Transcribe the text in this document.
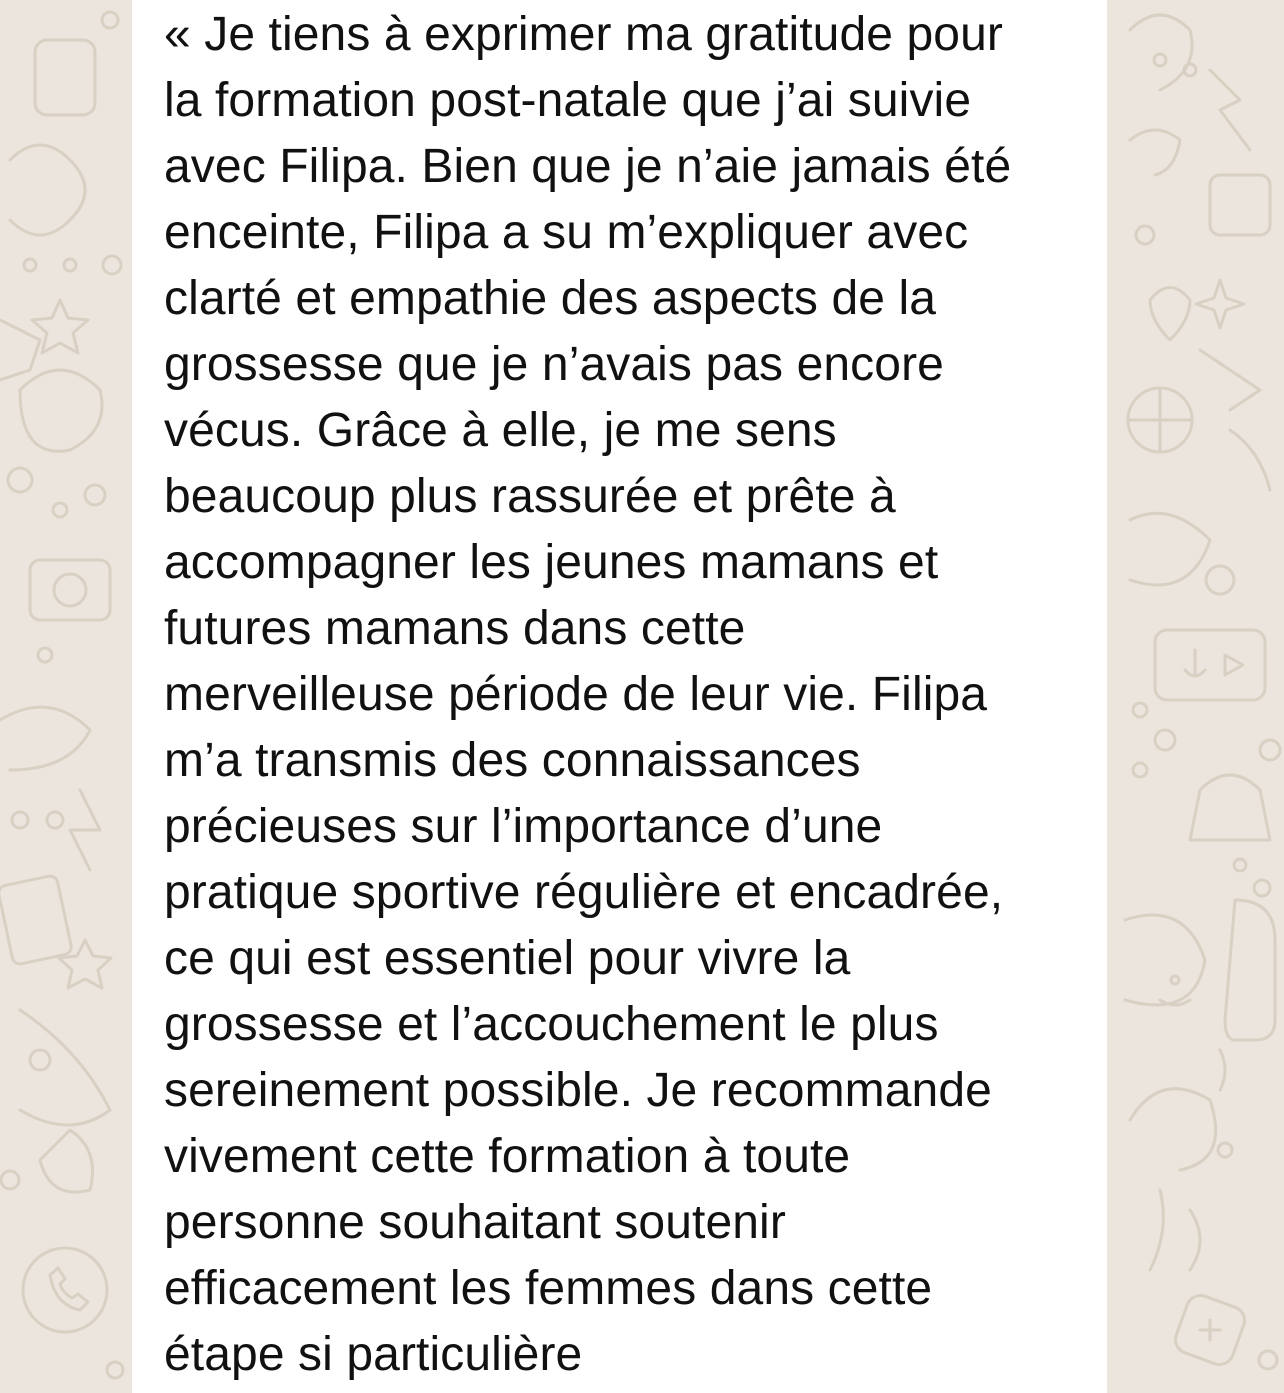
« Je tiens à exprimer ma gratitude pour
la formation post-natale que j’ai suivie
avec Filipa. Bien que je n’aie jamais été
enceinte, Filipa a su m’expliquer avec
clarté et empathie des aspects de la
grossesse que je n’avais pas encore
vécus. Grâce à elle, je me sens
beaucoup plus rassurée et prête à
accompagner les jeunes mamans et
futures mamans dans cette
merveilleuse période de leur vie. Filipa
m’a transmis des connaissances
précieuses sur l’importance d’une
pratique sportive régulière et encadrée,
ce qui est essentiel pour vivre la
grossesse et l’accouchement le plus
sereinement possible. Je recommande
vivement cette formation à toute
personne souhaitant soutenir
efficacement les femmes dans cette
étape si particulière
